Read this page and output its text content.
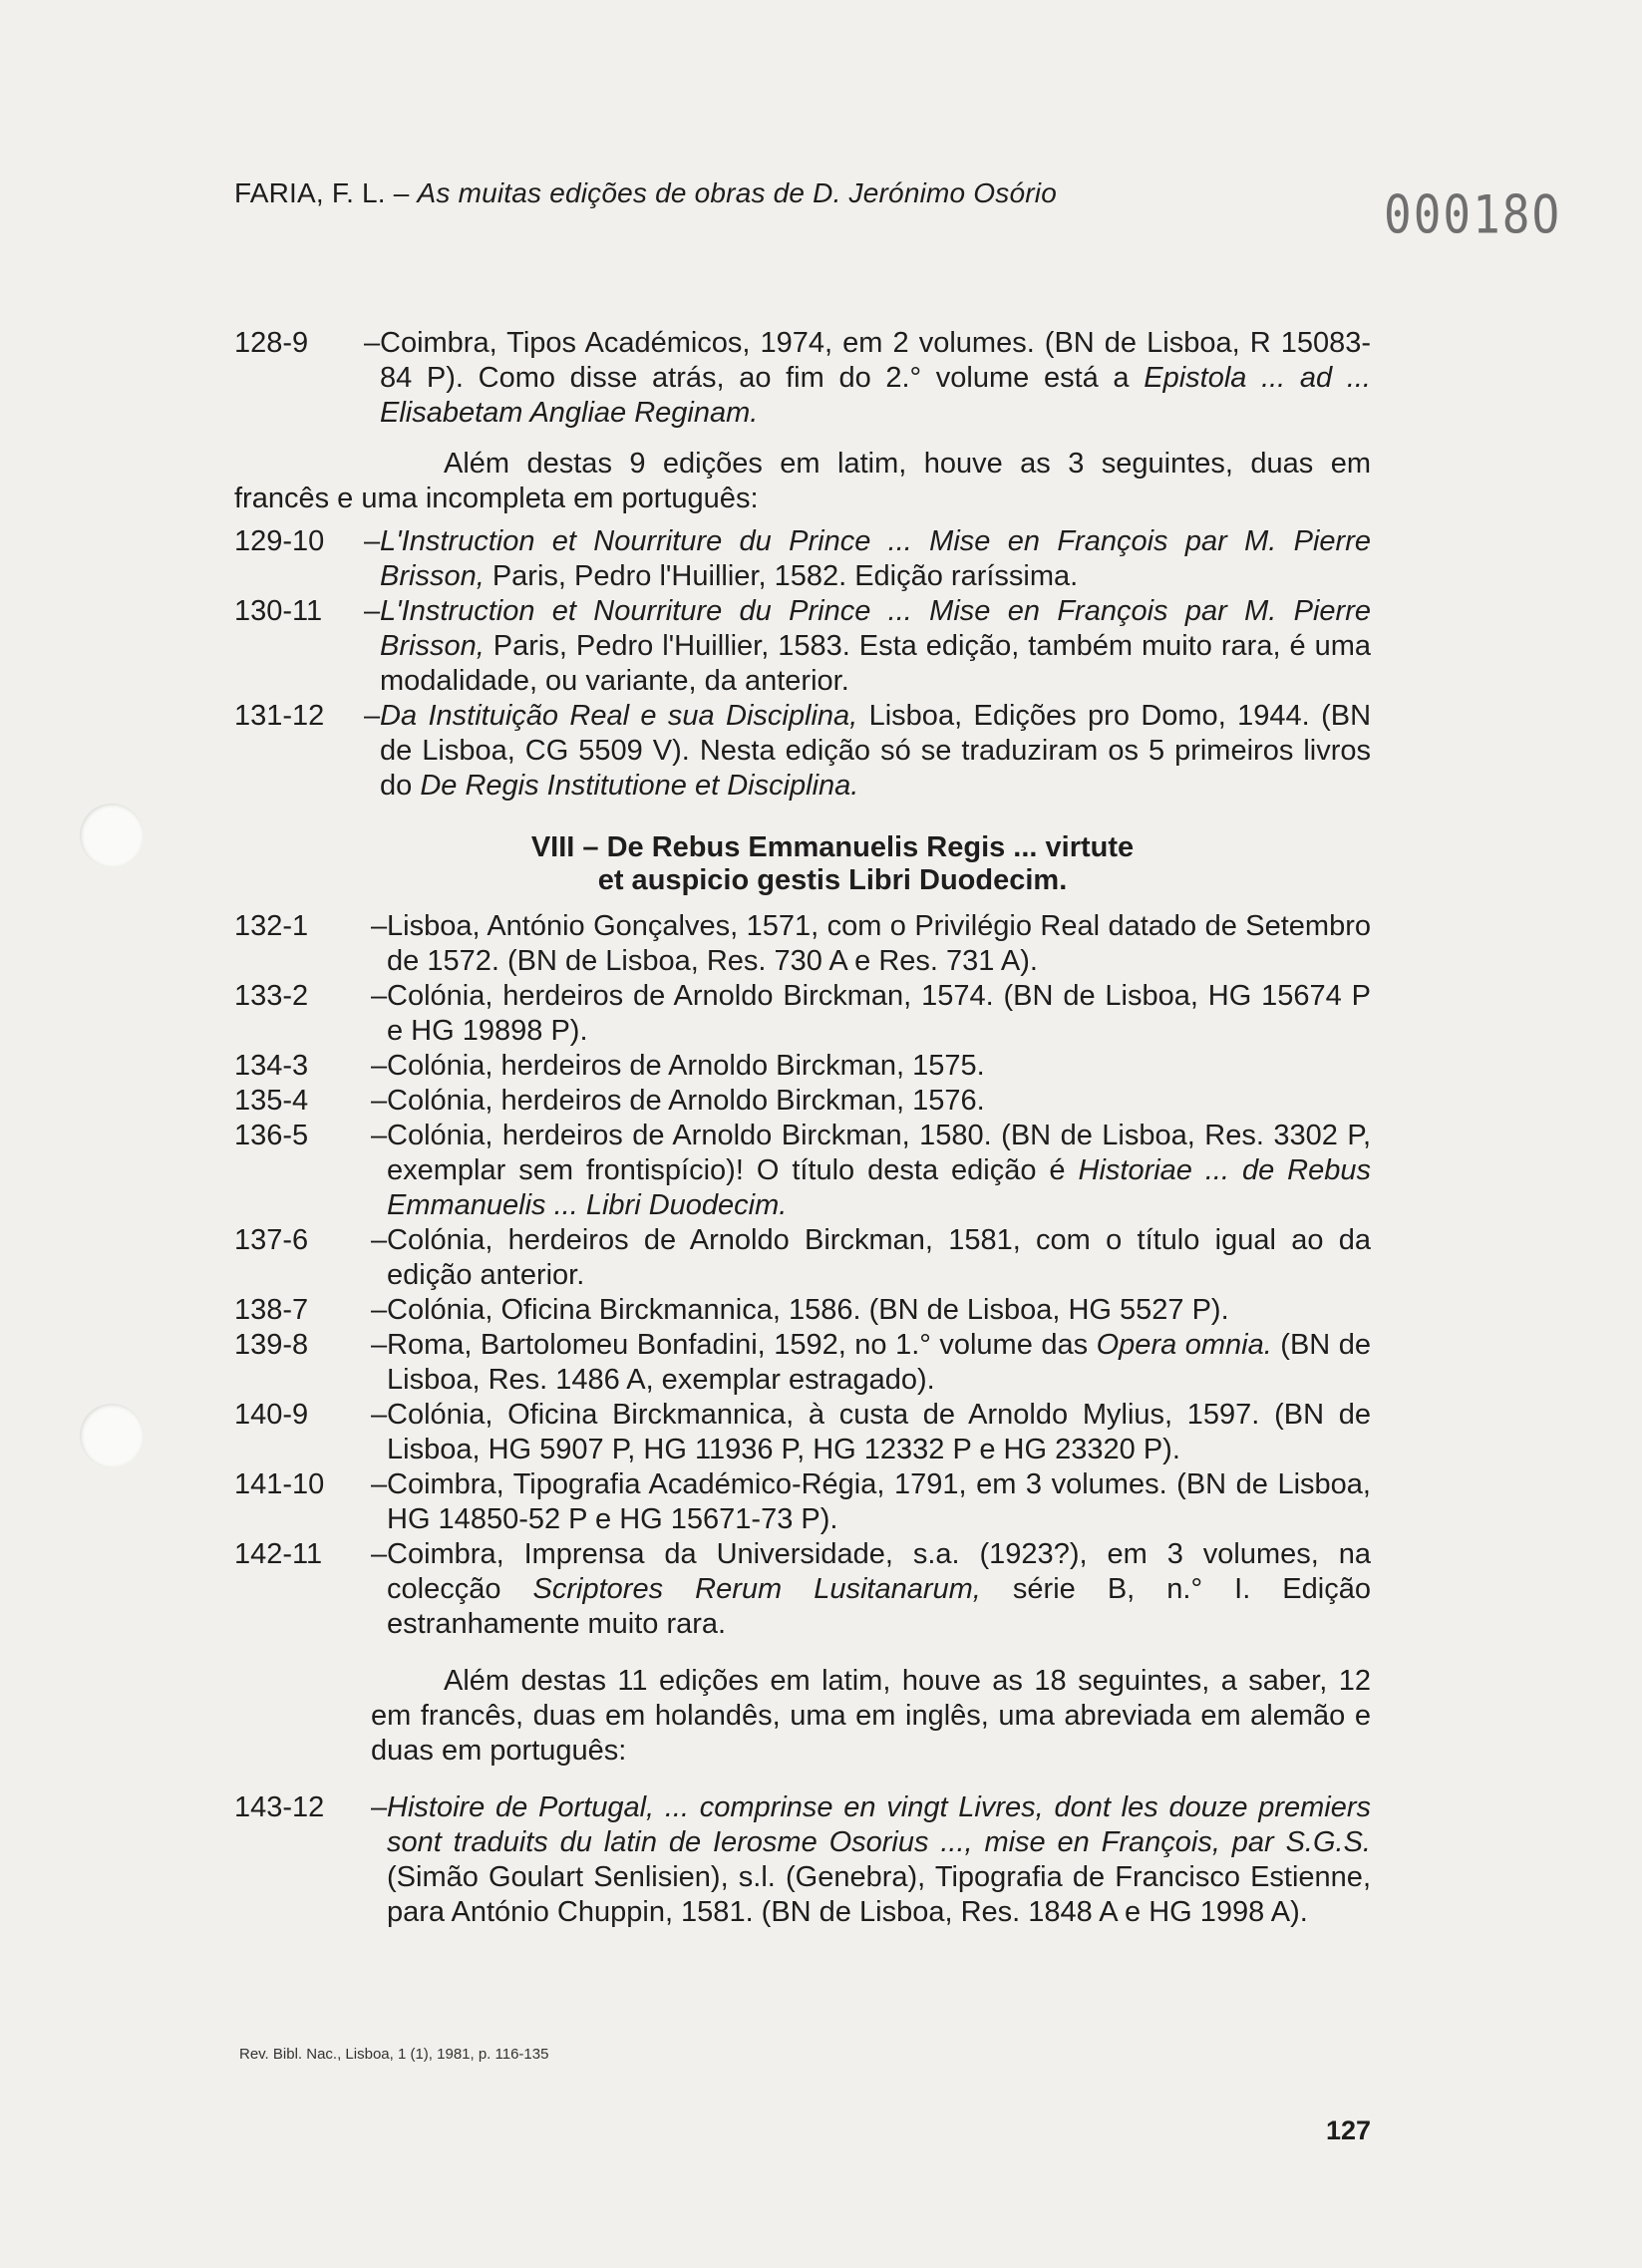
FARIA, F. L. – As muitas edições de obras de D. Jerónimo Osório	00018O
128-9	– Coimbra, Tipos Académicos, 1974, em 2 volumes. (BN de Lisboa, R 15083-84 P). Como disse atrás, ao fim do 2.° volume está a Epistola ... ad ... Elisabetam Angliae Reginam.
Além destas 9 edições em latim, houve as 3 seguintes, duas em francês e uma incompleta em português:
129-10	– L'Instruction et Nourriture du Prince ... Mise en François par M. Pierre Brisson, Paris, Pedro l'Huillier, 1582. Edição raríssima.
130-11	– L'Instruction et Nourriture du Prince ... Mise en François par M. Pierre Brisson, Paris, Pedro l'Huillier, 1583. Esta edição, também muito rara, é uma modalidade, ou variante, da anterior.
131-12	– Da Instituição Real e sua Disciplina, Lisboa, Edições pro Domo, 1944. (BN de Lisboa, CG 5509 V). Nesta edição só se traduziram os 5 primeiros livros do De Regis Institutione et Disciplina.
VIII – De Rebus Emmanuelis Regis ... virtute
et auspicio gestis Libri Duodecim.
132-1	– Lisboa, António Gonçalves, 1571, com o Privilégio Real datado de Setembro de 1572. (BN de Lisboa, Res. 730 A e Res. 731 A).
133-2	– Colónia, herdeiros de Arnoldo Birckman, 1574. (BN de Lisboa, HG 15674 P e HG 19898 P).
134-3	– Colónia, herdeiros de Arnoldo Birckman, 1575.
135-4	– Colónia, herdeiros de Arnoldo Birckman, 1576.
136-5	– Colónia, herdeiros de Arnoldo Birckman, 1580. (BN de Lisboa, Res. 3302 P, exemplar sem frontispício)! O título desta edição é Historiae ... de Rebus Emmanuelis ... Libri Duodecim.
137-6	– Colónia, herdeiros de Arnoldo Birckman, 1581, com o título igual ao da edição anterior.
138-7	– Colónia, Oficina Birckmannica, 1586. (BN de Lisboa, HG 5527 P).
139-8	– Roma, Bartolomeu Bonfadini, 1592, no 1.° volume das Opera omnia. (BN de Lisboa, Res. 1486 A, exemplar estragado).
140-9	– Colónia, Oficina Birckmannica, à custa de Arnoldo Mylius, 1597. (BN de Lisboa, HG 5907 P, HG 11936 P, HG 12332 P e HG 23320 P).
141-10	– Coimbra, Tipografia Académico-Régia, 1791, em 3 volumes. (BN de Lisboa, HG 14850-52 P e HG 15671-73 P).
142-11	– Coimbra, Imprensa da Universidade, s.a. (1923?), em 3 volumes, na colecção Scriptores Rerum Lusitanarum, série B, n.° I. Edição estranhamente muito rara.
Além destas 11 edições em latim, houve as 18 seguintes, a saber, 12 em francês, duas em holandês, uma em inglês, uma abreviada em alemão e duas em português:
143-12	– Histoire de Portugal, ... comprinse en vingt Livres, dont les douze premiers sont traduits du latin de Ierosme Osorius ..., mise en François, par S.G.S. (Simão Goulart Senlisien), s.l. (Genebra), Tipografia de Francisco Estienne, para António Chuppin, 1581. (BN de Lisboa, Res. 1848 A e HG 1998 A).
Rev. Bibl. Nac., Lisboa, 1 (1), 1981, p. 116-135
127
